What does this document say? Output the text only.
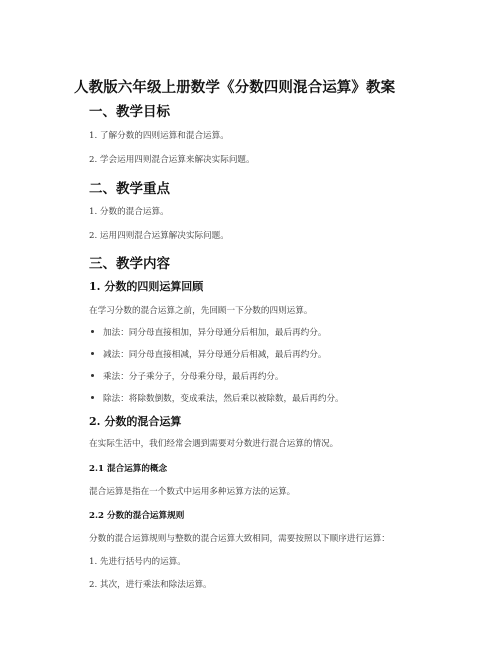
人教版六年级上册数学《分数四则混合运算》教案
一、教学目标

1. 了解分数的四则运算和混合运算。

2. 学会运用四则混合运算来解决实际问题。

二、教学重点

1. 分数的混合运算。

2. 运用四则混合运算解决实际问题。

三、教学内容
1. 分数的四则运算回顾

在学习分数的混合运算之前，先回顾一下分数的四则运算。

加法：同分母直接相加，异分母通分后相加，最后再约分。

减法：同分母直接相减，异分母通分后相减，最后再约分。

乘法：分子乘分子，分母乘分母，最后再约分。

除法：将除数倒数，变成乘法，然后乘以被除数，最后再约分。

2. 分数的混合运算

在实际生活中，我们经常会遇到需要对分数进行混合运算的情况。

2.1 混合运算的概念

混合运算是指在一个数式中运用多种运算方法的运算。

2.2 分数的混合运算规则

分数的混合运算规则与整数的混合运算大致相同，需要按照以下顺序进行运算：

1. 先进行括号内的运算。

2. 其次，进行乘法和除法运算。
